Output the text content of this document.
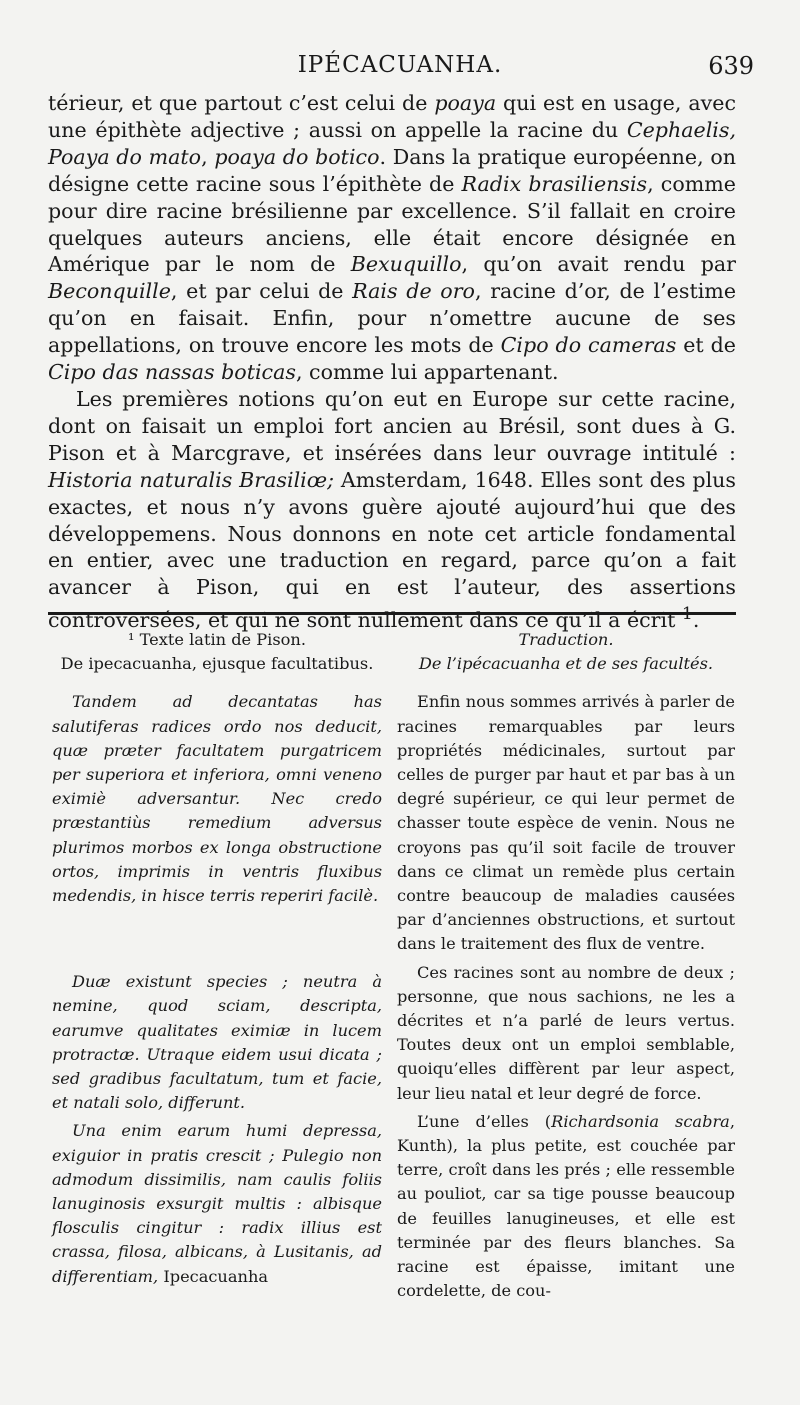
IPÉCACUANHA.	639

térieur, et que partout c’est celui de poaya qui est en usage, avec une épithète adjective ; aussi on appelle la racine du Cephaelis, Poaya do mato, poaya do botico. Dans la pratique européenne, on désigne cette racine sous l’épithète de Radix brasiliensis, comme pour dire racine brésilienne par excellence. S’il fallait en croire quelques auteurs anciens, elle était encore désignée en Amérique par le nom de Bexuquillo, qu’on avait rendu par Beconquille, et par celui de Rais de oro, racine d’or, de l’estime qu’on en faisait. Enfin, pour n’omettre aucune de ses appellations, on trouve encore les mots de Cipo do cameras et de Cipo das nassas boticas, comme lui appartenant.

Les premières notions qu’on eut en Europe sur cette racine, dont on faisait un emploi fort ancien au Brésil, sont dues à G. Pison et à Marcgrave, et insérées dans leur ouvrage intitulé : Historia naturalis Brasiliœ; Amsterdam, 1648. Elles sont des plus exactes, et nous n’y avons guère ajouté aujourd’hui que des développemens. Nous donnons en note cet article fondamental en entier, avec une traduction en regard, parce qu’on a fait avancer à Pison, qui en est l’auteur, des assertions controversées, et qui ne sont nullement dans ce qu’il a écrit $^1$.

¹ Texte latin de Pison.

De ipecacuanha, ejusque facultatibus.

Tandem ad decantatas has salutiferas radices ordo nos deducit, quæ præter facultatem purgatricem per superiora et inferiora, omni veneno eximiè adversantur. Nec credo præstantiùs remedium adversus plurimos morbos ex longa obstructione ortos, imprimis in ventris fluxibus medendis, in hisce terris reperiri facilè.

Duæ existunt species ; neutra à nemine, quod sciam, descripta, earumve qualitates eximiæ in lucem protractæ. Utraque eidem usui dicata ; sed gradibus facultatum, tum et facie, et natali solo, differunt.

Una enim earum humi depressa, exiguior in pratis crescit ; Pulegio non admodum dissimilis, nam caulis foliis lanuginosis exsurgit multis : albisque flosculis cingitur : radix illius est crassa, filosa, albicans, à Lusitanis, ad differentiam, Ipecacuanha

Traduction.

De l’ipécacuanha et de ses facultés.

Enfin nous sommes arrivés à parler de racines remarquables par leurs propriétés médicinales, surtout par celles de purger par haut et par bas à un degré supérieur, ce qui leur permet de chasser toute espèce de venin. Nous ne croyons pas qu’il soit facile de trouver dans ce climat un remède plus certain contre beaucoup de maladies causées par d’anciennes obstructions, et surtout dans le traitement des flux de ventre.

Ces racines sont au nombre de deux ; personne, que nous sachions, ne les a décrites et n’a parlé de leurs vertus. Toutes deux ont un emploi semblable, quoiqu’elles diffèrent par leur aspect, leur lieu natal et leur degré de force.

L’une d’elles (Richardsonia scabra, Kunth), la plus petite, est couchée par terre, croît dans les prés ; elle ressemble au pouliot, car sa tige pousse beaucoup de feuilles lanugineuses, et elle est terminée par des fleurs blanches. Sa racine est épaisse, imitant une cordelette, de cou-
